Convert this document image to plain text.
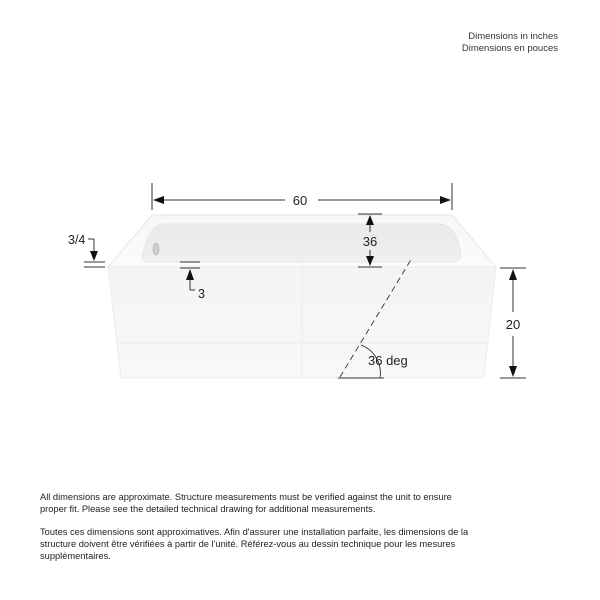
Dimensions in inches
Dimensions en pouces
60
36
20
3/4
3
36 deg

All dimensions are approximate. Structure measurements must be verified against the unit to ensure proper fit. Please see the detailed technical drawing for additional measurements.

Toutes ces dimensions sont approximatives. Afin d'assurer une installation parfaite, les dimensions de la structure doivent être vérifiées à partir de l'unité. Référez-vous au dessin technique pour les mesures supplémentaires.
